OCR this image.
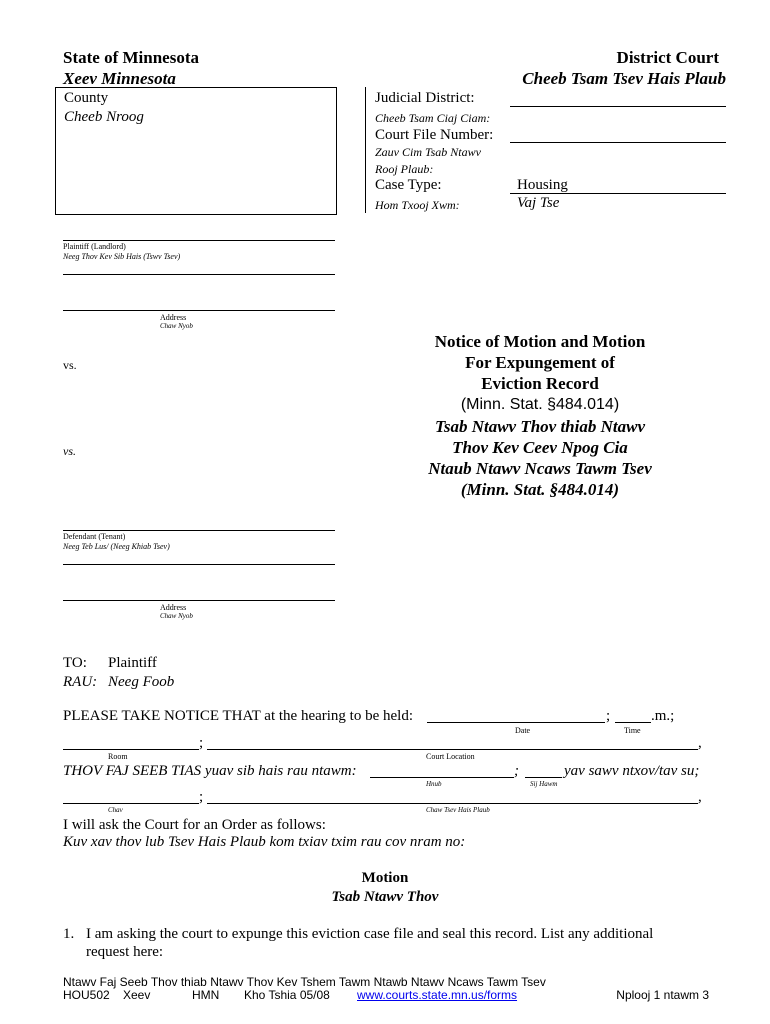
State of Minnesota
Xeev Minnesota
District Court
Cheeb Tsam Tsev Hais Plaub
County
Cheeb Nroog
Judicial District:
Cheeb Tsam Ciaj Ciam:
Court File Number:
Zauv Cim Tsab Ntawv
Rooj Plaub:
Case Type:
Hom Txooj Xwm:
Housing
Vaj Tse
Plaintiff (Landlord)
Neeg Thov Kev Sib Hais (Tswv Tsev)
Address
Chaw Nyob
vs.
vs.
Notice of Motion and Motion
For Expungement of
Eviction Record
(Minn. Stat. §484.014)
Tsab Ntawv Thov thiab Ntawv
Thov Kev Ceev Npog Cia
Ntaub Ntawv Ncaws Tawm Tsev
(Minn. Stat. §484.014)
Defendant (Tenant)
Neeg Teb Lus/ (Neeg Khiab Tsev)
Address
Chaw Nyob
TO: Plaintiff
RAU: Neeg Foob
PLEASE TAKE NOTICE THAT at the hearing to be held:	;	.m.;
Date	Time
;	,
Room	Court Location
THOV FAJ SEEB TIAS yuav sib hais rau ntawm:	;	yav sawv ntxov/tav su;
Hnub	Sij Hawm
;	,
Chav	Chaw Tsev Hais Plaub
I will ask the Court for an Order as follows:
Kuv xav thov lub Tsev Hais Plaub kom txiav txim rau cov nram no:
Motion
Tsab Ntawv Thov
1. I am asking the court to expunge this eviction case file and seal this record. List any additional
request here:
Ntawv Faj Seeb Thov thiab Ntawv Thov Kev Tshem Tawm Ntawb Ntawv Ncaws Tawm Tsev
HOU502 Xeev	HMN Kho Tshia 05/08 www.courts.state.mn.us/forms	Nplooj 1 ntawm 3
